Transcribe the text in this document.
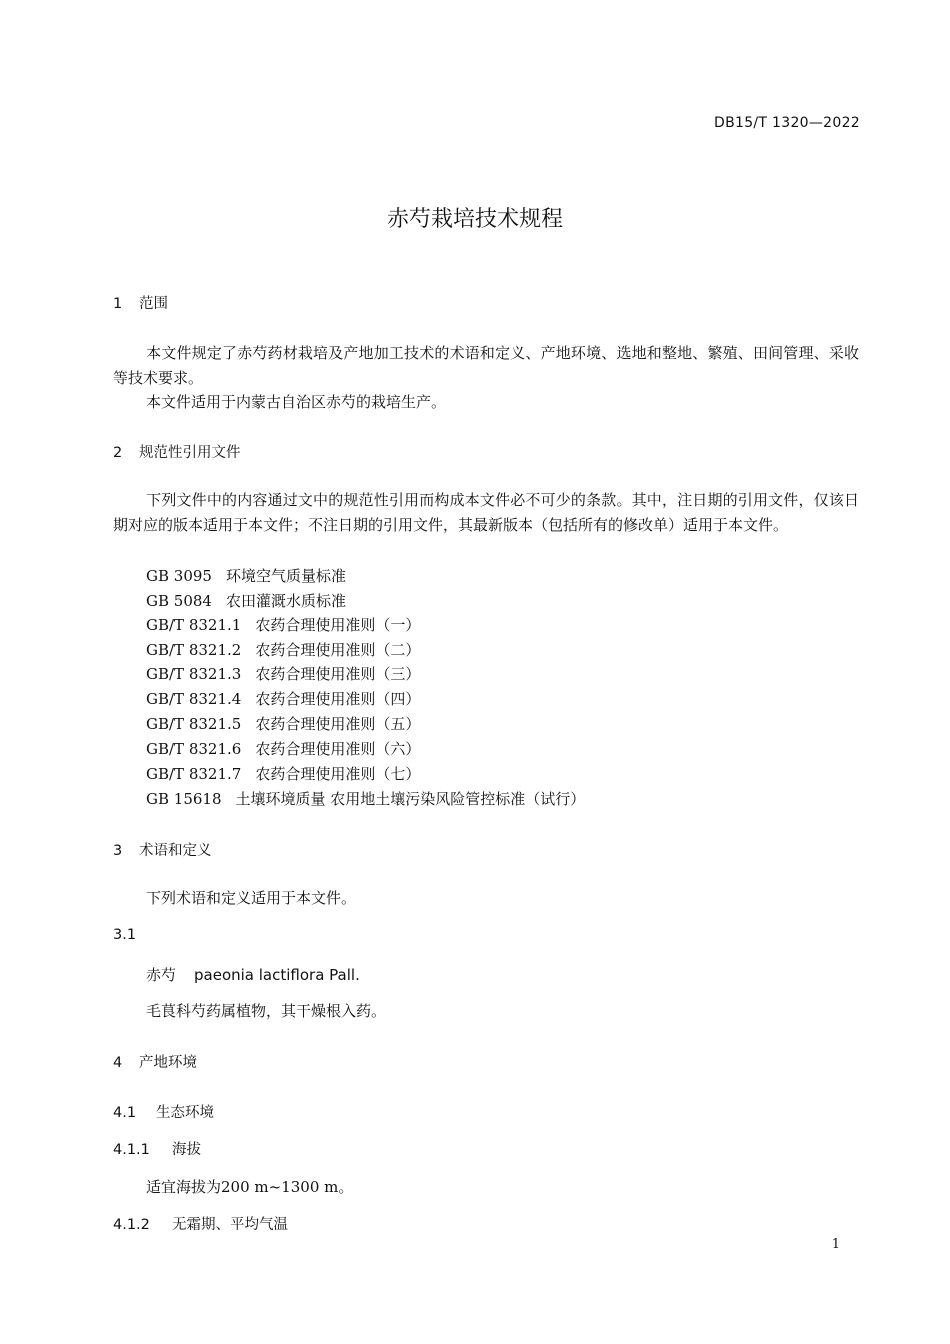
DB15/T 1320—2022
赤芍栽培技术规程
1 范围
本文件规定了赤芍药材栽培及产地加工技术的术语和定义、产地环境、选地和整地、繁殖、田间管理、采收等技术要求。
本文件适用于内蒙古自治区赤芍的栽培生产。
2 规范性引用文件
下列文件中的内容通过文中的规范性引用而构成本文件必不可少的条款。其中，注日期的引用文件，仅该日期对应的版本适用于本文件；不注日期的引用文件，其最新版本（包括所有的修改单）适用于本文件。
GB 3095 环境空气质量标准
GB 5084 农田灌溉水质标准
GB/T 8321.1 农药合理使用准则（一）
GB/T 8321.2 农药合理使用准则（二）
GB/T 8321.3 农药合理使用准则（三）
GB/T 8321.4 农药合理使用准则（四）
GB/T 8321.5 农药合理使用准则（五）
GB/T 8321.6 农药合理使用准则（六）
GB/T 8321.7 农药合理使用准则（七）
GB 15618 土壤环境质量 农用地土壤污染风险管控标准（试行）
3 术语和定义
下列术语和定义适用于本文件。
3.1
赤芍 paeonia lactiflora Pall.
毛茛科芍药属植物，其干燥根入药。
4 产地环境
4.1 生态环境
4.1.1 海拔
适宜海拔为200 m~1300 m。
4.1.2 无霜期、平均气温
1
